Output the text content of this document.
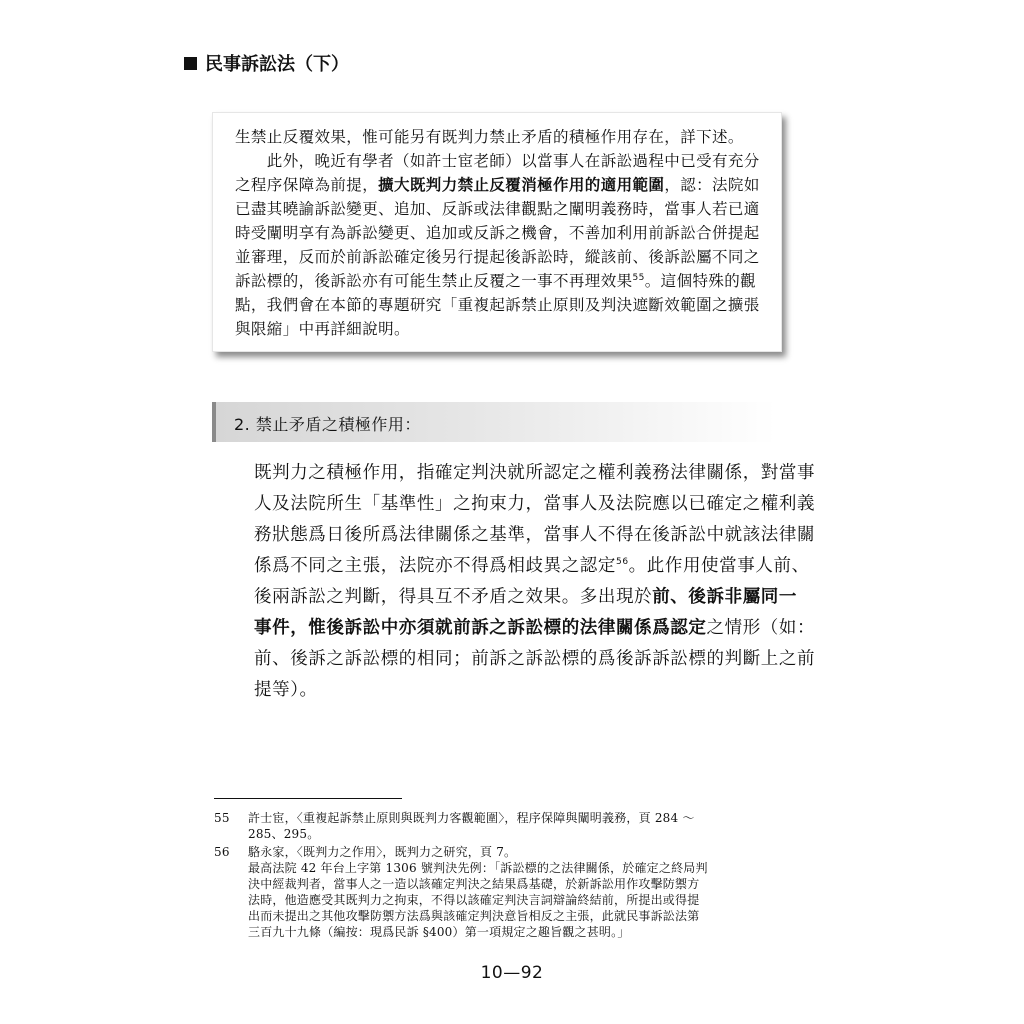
民事訴訟法（下）

生禁止反覆效果，惟可能另有既判力禁止矛盾的積極作用存在，詳下述。

　　此外，晚近有學者（如許士宦老師）以當事人在訴訟過程中已受有充分

之程序保障為前提，擴大既判力禁止反覆消極作用的適用範圍，認：法院如

已盡其曉諭訴訟變更、追加、反訴或法律觀點之闡明義務時，當事人若已適

時受闡明享有為訴訟變更、追加或反訴之機會，不善加利用前訴訟合併提起

並審理，反而於前訴訟確定後另行提起後訴訟時，縱該前、後訴訟屬不同之

訴訟標的，後訴訟亦有可能生禁止反覆之一事不再理效果$^{55}$。這個特殊的觀

點，我們會在本節的專題研究「重複起訴禁止原則及判決遮斷效範圍之擴張

與限縮」中再詳細說明。

2. 禁止矛盾之積極作用：

既判力之積極作用，指確定判決就所認定之權利義務法律關係，對當事

人及法院所生「基準性」之拘束力，當事人及法院應以已確定之權利義

務狀態爲日後所爲法律關係之基準，當事人不得在後訴訟中就該法律關

係爲不同之主張，法院亦不得爲相歧異之認定$^{56}$。此作用使當事人前、

後兩訴訟之判斷，得具互不矛盾之效果。多出現於前、後訴非屬同一

事件，惟後訴訟中亦須就前訴之訴訟標的法律關係爲認定之情形（如：

前、後訴之訴訟標的相同；前訴之訴訟標的爲後訴訴訟標的判斷上之前

提等）。

55 許士宦，〈重複起訴禁止原則與既判力客觀範圍〉，程序保障與闡明義務，頁 284 ～
285、295。
56 駱永家，〈既判力之作用〉，既判力之研究，頁 7。
最高法院 42 年台上字第 1306 號判決先例：「訴訟標的之法律關係，於確定之終局判
決中經裁判者，當事人之一造以該確定判決之結果爲基礎，於新訴訟用作攻擊防禦方
法時，他造應受其既判力之拘束，不得以該確定判決言詞辯論終結前，所提出或得提
出而未提出之其他攻擊防禦方法爲與該確定判決意旨相反之主張，此就民事訴訟法第
三百九十九條（編按：現爲民訴 §400）第一項規定之趣旨觀之甚明。」
10—92
